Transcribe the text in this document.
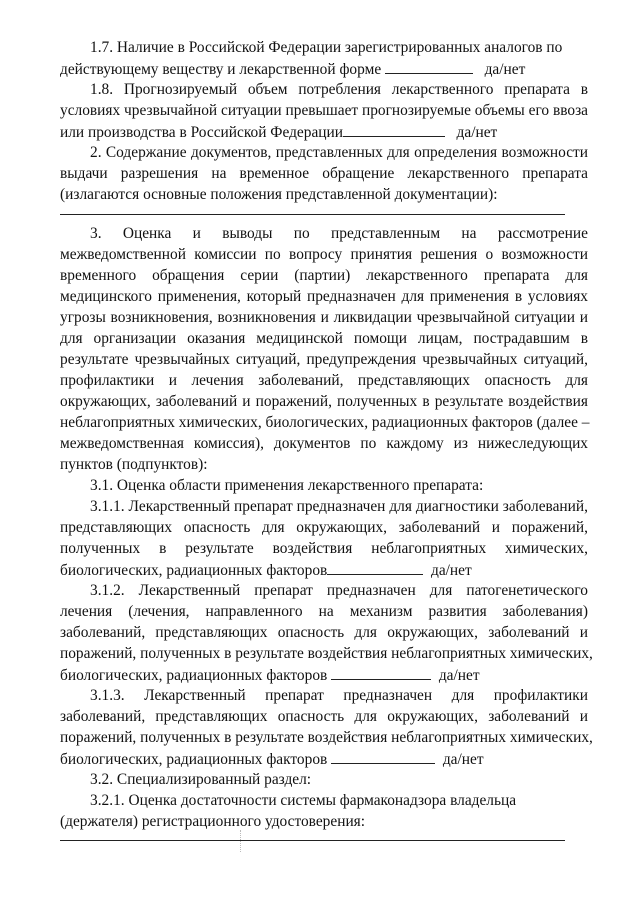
1.7. Наличие в Российской Федерации зарегистрированных аналогов по
действующему веществу и лекарственной форме	да/нет
1.8. Прогнозируемый объем потребления лекарственного препарата в
условиях чрезвычайной ситуации превышает прогнозируемые объемы его ввоза
или производства в Российской Федерации	да/нет
2. Содержание документов, представленных для определения возможности
выдачи разрешения на временное обращение лекарственного препарата
(излагаются основные положения представленной документации):
3. Оценка и выводы по представленным на рассмотрение
межведомственной комиссии по вопросу принятия решения о возможности
временного обращения серии (партии) лекарственного препарата для
медицинского применения, который предназначен для применения в условиях
угрозы возникновения, возникновения и ликвидации чрезвычайной ситуации и
для организации оказания медицинской помощи лицам, пострадавшим в
результате чрезвычайных ситуаций, предупреждения чрезвычайных ситуаций,
профилактики и лечения заболеваний, представляющих опасность для
окружающих, заболеваний и поражений, полученных в результате воздействия
неблагоприятных химических, биологических, радиационных факторов (далее –
межведомственная комиссия), документов по каждому из нижеследующих
пунктов (подпунктов):
3.1. Оценка области применения лекарственного препарата:
3.1.1. Лекарственный препарат предназначен для диагностики заболеваний,
представляющих опасность для окружающих, заболеваний и поражений,
полученных в результате воздействия неблагоприятных химических,
биологических, радиационных факторов	да/нет
3.1.2. Лекарственный препарат предназначен для патогенетического
лечения (лечения, направленного на механизм развития заболевания)
заболеваний, представляющих опасность для окружающих, заболеваний и
поражений, полученных в результате воздействия неблагоприятных химических,
биологических, радиационных факторов	да/нет
3.1.3. Лекарственный препарат предназначен для профилактики
заболеваний, представляющих опасность для окружающих, заболеваний и
поражений, полученных в результате воздействия неблагоприятных химических,
биологических, радиационных факторов	да/нет
3.2. Специализированный раздел:
3.2.1. Оценка достаточности системы фармаконадзора владельца
(держателя) регистрационного удостоверения:
